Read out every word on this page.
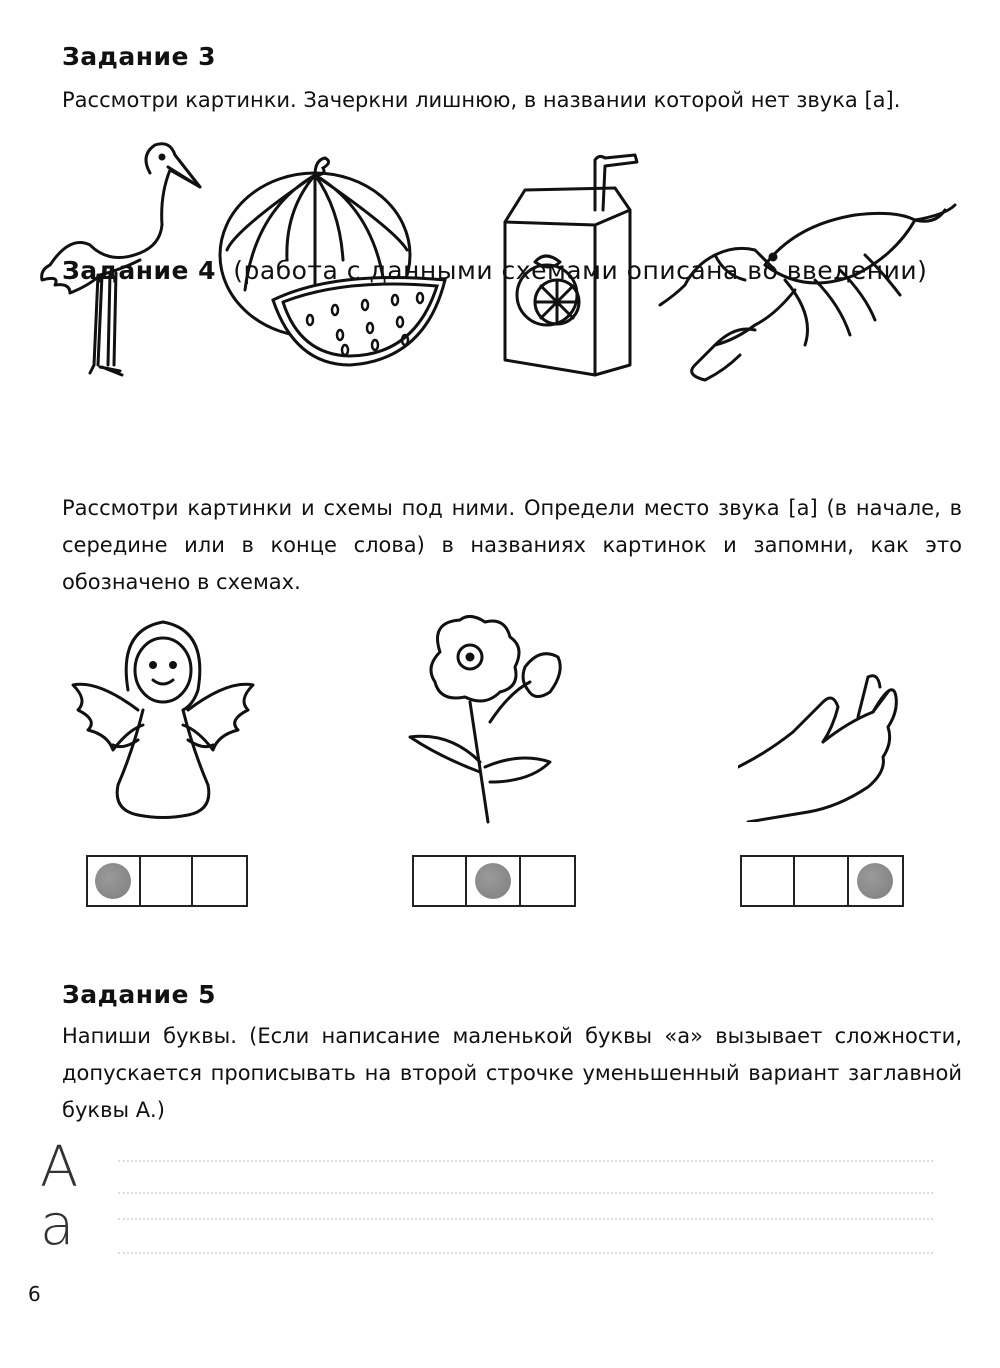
Задание 3
Рассмотри картинки. Зачеркни лишнюю, в названии которой нет звука [а].
Задание 4 (работа с данными схемами описана во введении)
Рассмотри картинки и схемы под ними. Определи место звука [а] (в начале, в середине или в конце слова) в названиях картинок и запомни, как это обозначено в схемах.
Задание 5
Напиши буквы. (Если написание маленькой буквы «а» вызывает сложности, допускается прописывать на второй строчке уменьшенный вариант заглавной буквы А.)
А
а
6
